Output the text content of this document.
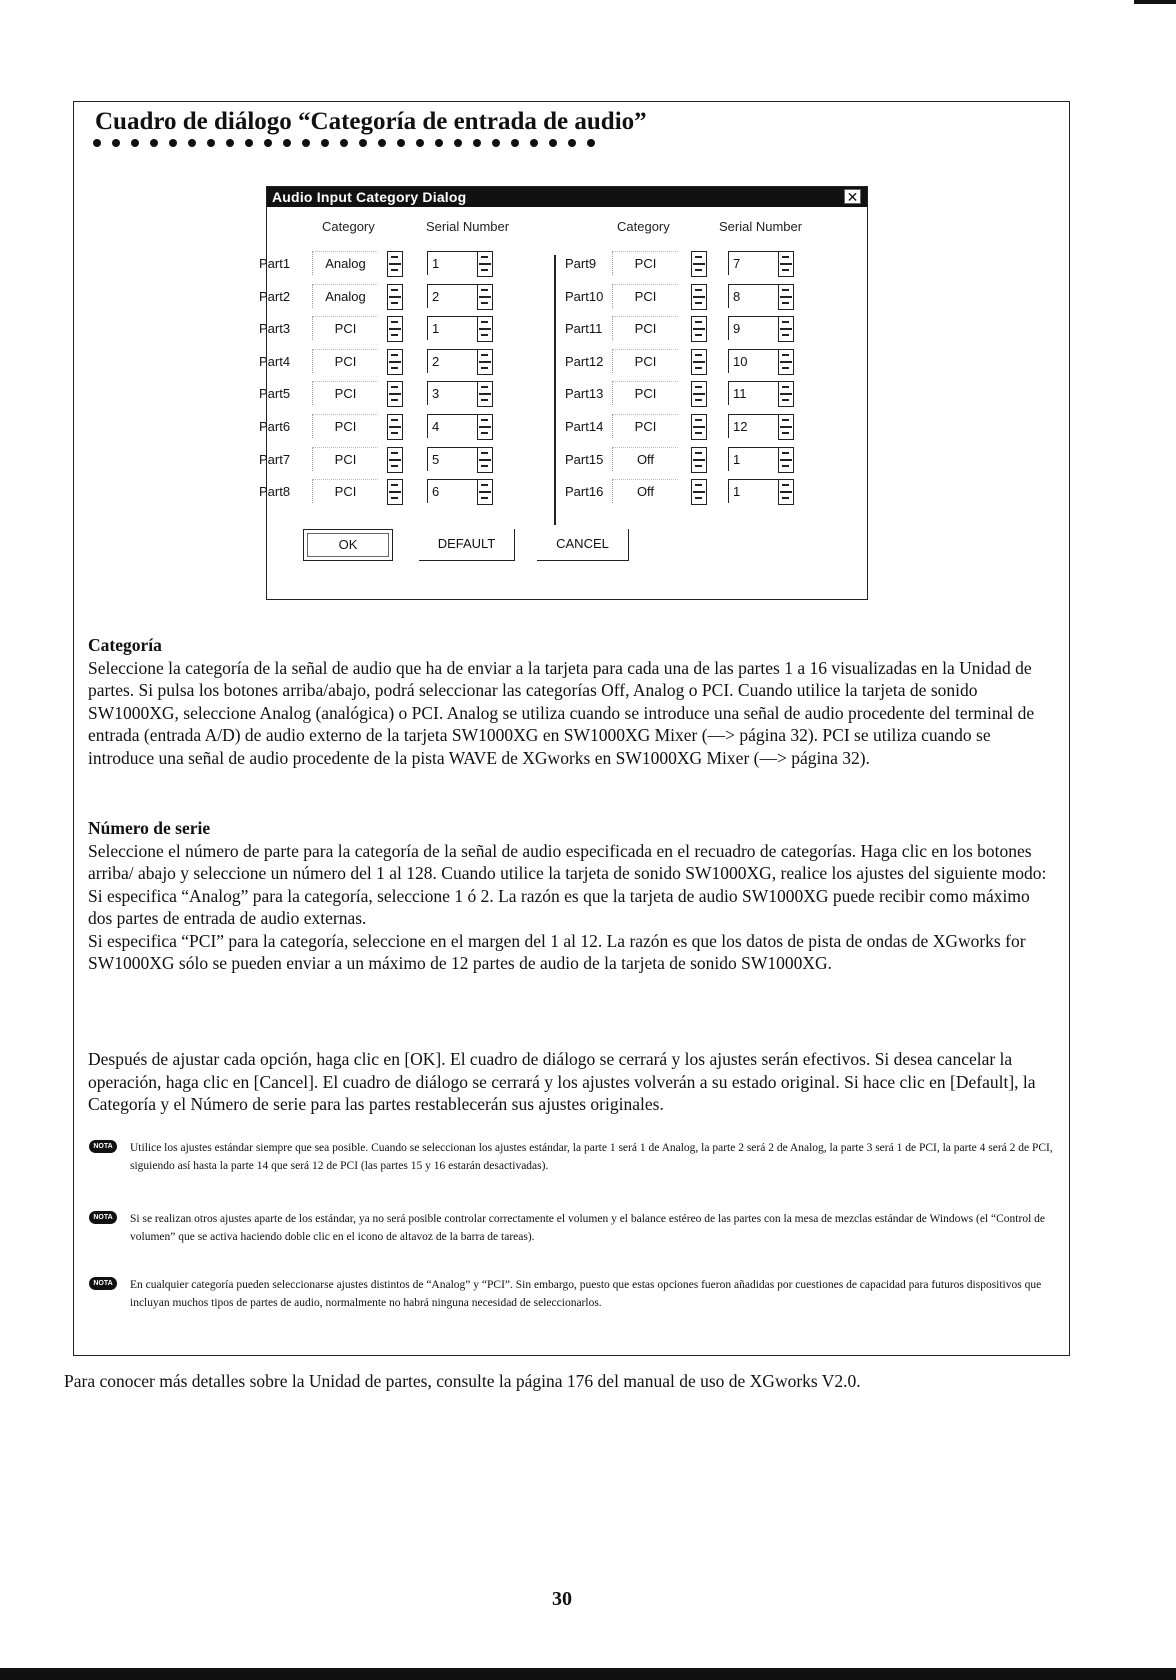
Cuadro de diálogo “Categoría de entrada de audio”
Audio Input Category Dialog	✕
Category	Serial Number	Category	Serial Number
OK	DEFAULT	CANCEL
Part1	Analog	1
Part2	Analog	2
Part3	PCI	1
Part4	PCI	2
Part5	PCI	3
Part6	PCI	4
Part7	PCI	5
Part8	PCI	6
Part9	PCI	7
Part10	PCI	8
Part11	PCI	9
Part12	PCI	10
Part13	PCI	11
Part14	PCI	12
Part15	Off	1
Part16	Off	1

Categoría

Seleccione la categoría de la señal de audio que ha de enviar a la tarjeta para cada una de las partes 1 a 16 visualizadas en la Unidad de partes. Si pulsa los botones arriba/abajo, podrá seleccionar las categorías Off, Analog o PCI. Cuando utilice la tarjeta de sonido SW1000XG, seleccione Analog (analógica) o PCI. Analog se utiliza cuando se introduce una señal de audio procedente del terminal de entrada (entrada A/D) de audio externo de la tarjeta SW1000XG en SW1000XG Mixer (—> página 32). PCI se utiliza cuando se introduce una señal de audio procedente de la pista WAVE de XGworks en SW1000XG Mixer (—> página 32).

Número de serie

Seleccione el número de parte para la categoría de la señal de audio especificada en el recuadro de categorías. Haga clic en los botones arriba/ abajo y seleccione un número del 1 al 128. Cuando utilice la tarjeta de sonido SW1000XG, realice los ajustes del siguiente modo:

Si especifica “Analog” para la categoría, seleccione 1 ó 2. La razón es que la tarjeta de audio SW1000XG puede recibir como máximo dos partes de entrada de audio externas.

Si especifica “PCI” para la categoría, seleccione en el margen del 1 al 12. La razón es que los datos de pista de ondas de XGworks for SW1000XG sólo se pueden enviar a un máximo de 12 partes de audio de la tarjeta de sonido SW1000XG.

Después de ajustar cada opción, haga clic en [OK]. El cuadro de diálogo se cerrará y los ajustes serán efectivos. Si desea cancelar la operación, haga clic en [Cancel]. El cuadro de diálogo se cerrará y los ajustes volverán a su estado original. Si hace clic en [Default], la Categoría y el Número de serie para las partes restablecerán sus ajustes originales.

NOTA	Utilice los ajustes estándar siempre que sea posible. Cuando se seleccionan los ajustes estándar, la parte 1 será 1 de Analog, la parte 2 será 2 de Analog, la parte 3 será 1 de PCI, la parte 4 será 2 de PCI, siguiendo así hasta la parte 14 que será 12 de PCI (las partes 15 y 16 estarán desactivadas).

NOTA	Si se realizan otros ajustes aparte de los estándar, ya no será posible controlar correctamente el volumen y el balance estéreo de las partes con la mesa de mezclas estándar de Windows (el “Control de volumen” que se activa haciendo doble clic en el icono de altavoz de la barra de tareas).

NOTA	En cualquier categoría pueden seleccionarse ajustes distintos de “Analog” y “PCI”. Sin embargo, puesto que estas opciones fueron añadidas por cuestiones de capacidad para futuros dispositivos que incluyan muchos tipos de partes de audio, normalmente no habrá ninguna necesidad de seleccionarlos.

Para conocer más detalles sobre la Unidad de partes, consulte la página 176 del manual de uso de XGworks V2.0.

30
